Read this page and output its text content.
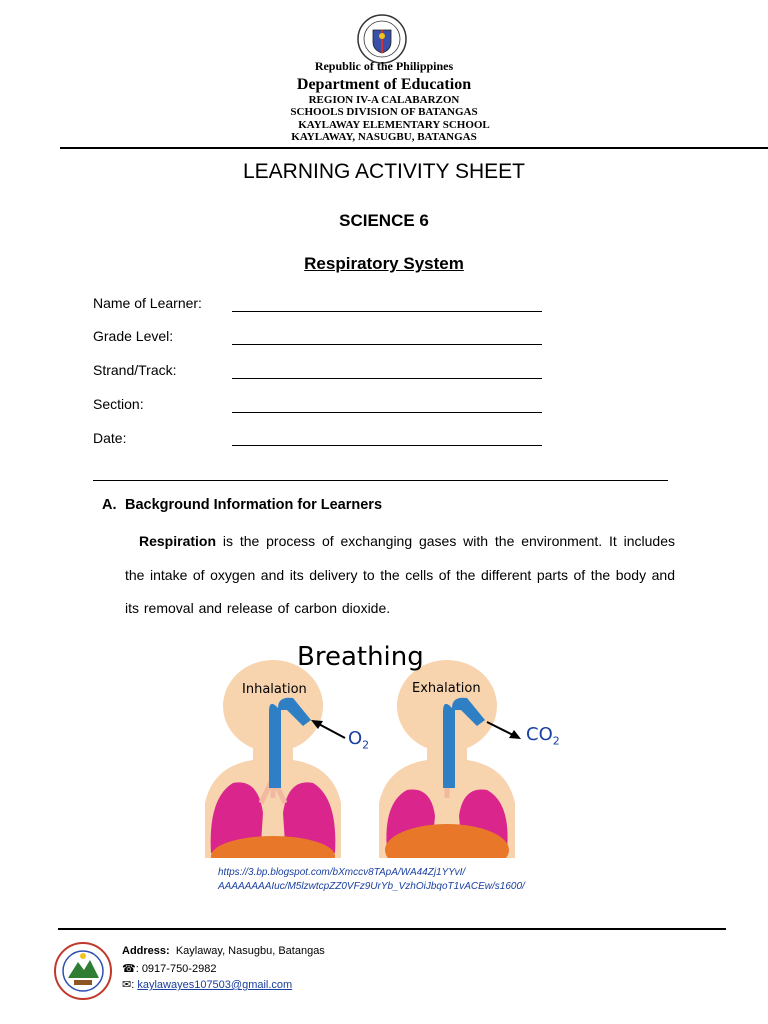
Republic of the Philippines
Department of Education
REGION IV-A CALABARZON
SCHOOLS DIVISION OF BATANGAS
KAYLAWAY ELEMENTARY SCHOOL
KAYLAWAY, NASUGBU, BATANGAS
LEARNING ACTIVITY SHEET
SCIENCE 6
Respiratory System
Name of Learner:
Grade Level:
Strand/Track:
Section:
Date:
A. Background Information for Learners
Respiration is the process of exchanging gases with the environment. It includes the intake of oxygen and its delivery to the cells of the different parts of the body and its removal and release of carbon dioxide.
Breathing
Inhalation	Exhalation
$O_2$
$CO_2$
https://3.bp.blogspot.com/bXmccv8TApA/WA44Zj1YYvI/
AAAAAAAAIuc/M5lzwtcpZZ0VFz9UrYb_VzhOiJbqoT1vACEw/s1600/
Address: Kaylaway, Nasugbu, Batangas
☎: 0917-750-2982
✉: kaylawayes107503@gmail.com
